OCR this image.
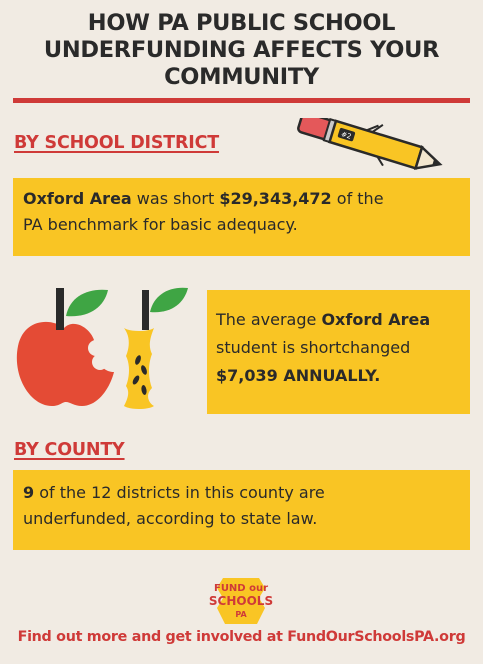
HOW PA PUBLIC SCHOOL
UNDERFUNDING AFFECTS YOUR
COMMUNITY
BY SCHOOL DISTRICT	#2
Oxford Area was short $29,343,472 of the
PA benchmark for basic adequacy.
The average Oxford Area
student is shortchanged
$7,039 ANNUALLY.
BY COUNTY
9 of the 12 districts in this county are
underfunded, according to state law.
FUND our
SCHOOLS
PA
Find out more and get involved at FundOurSchoolsPA.org
